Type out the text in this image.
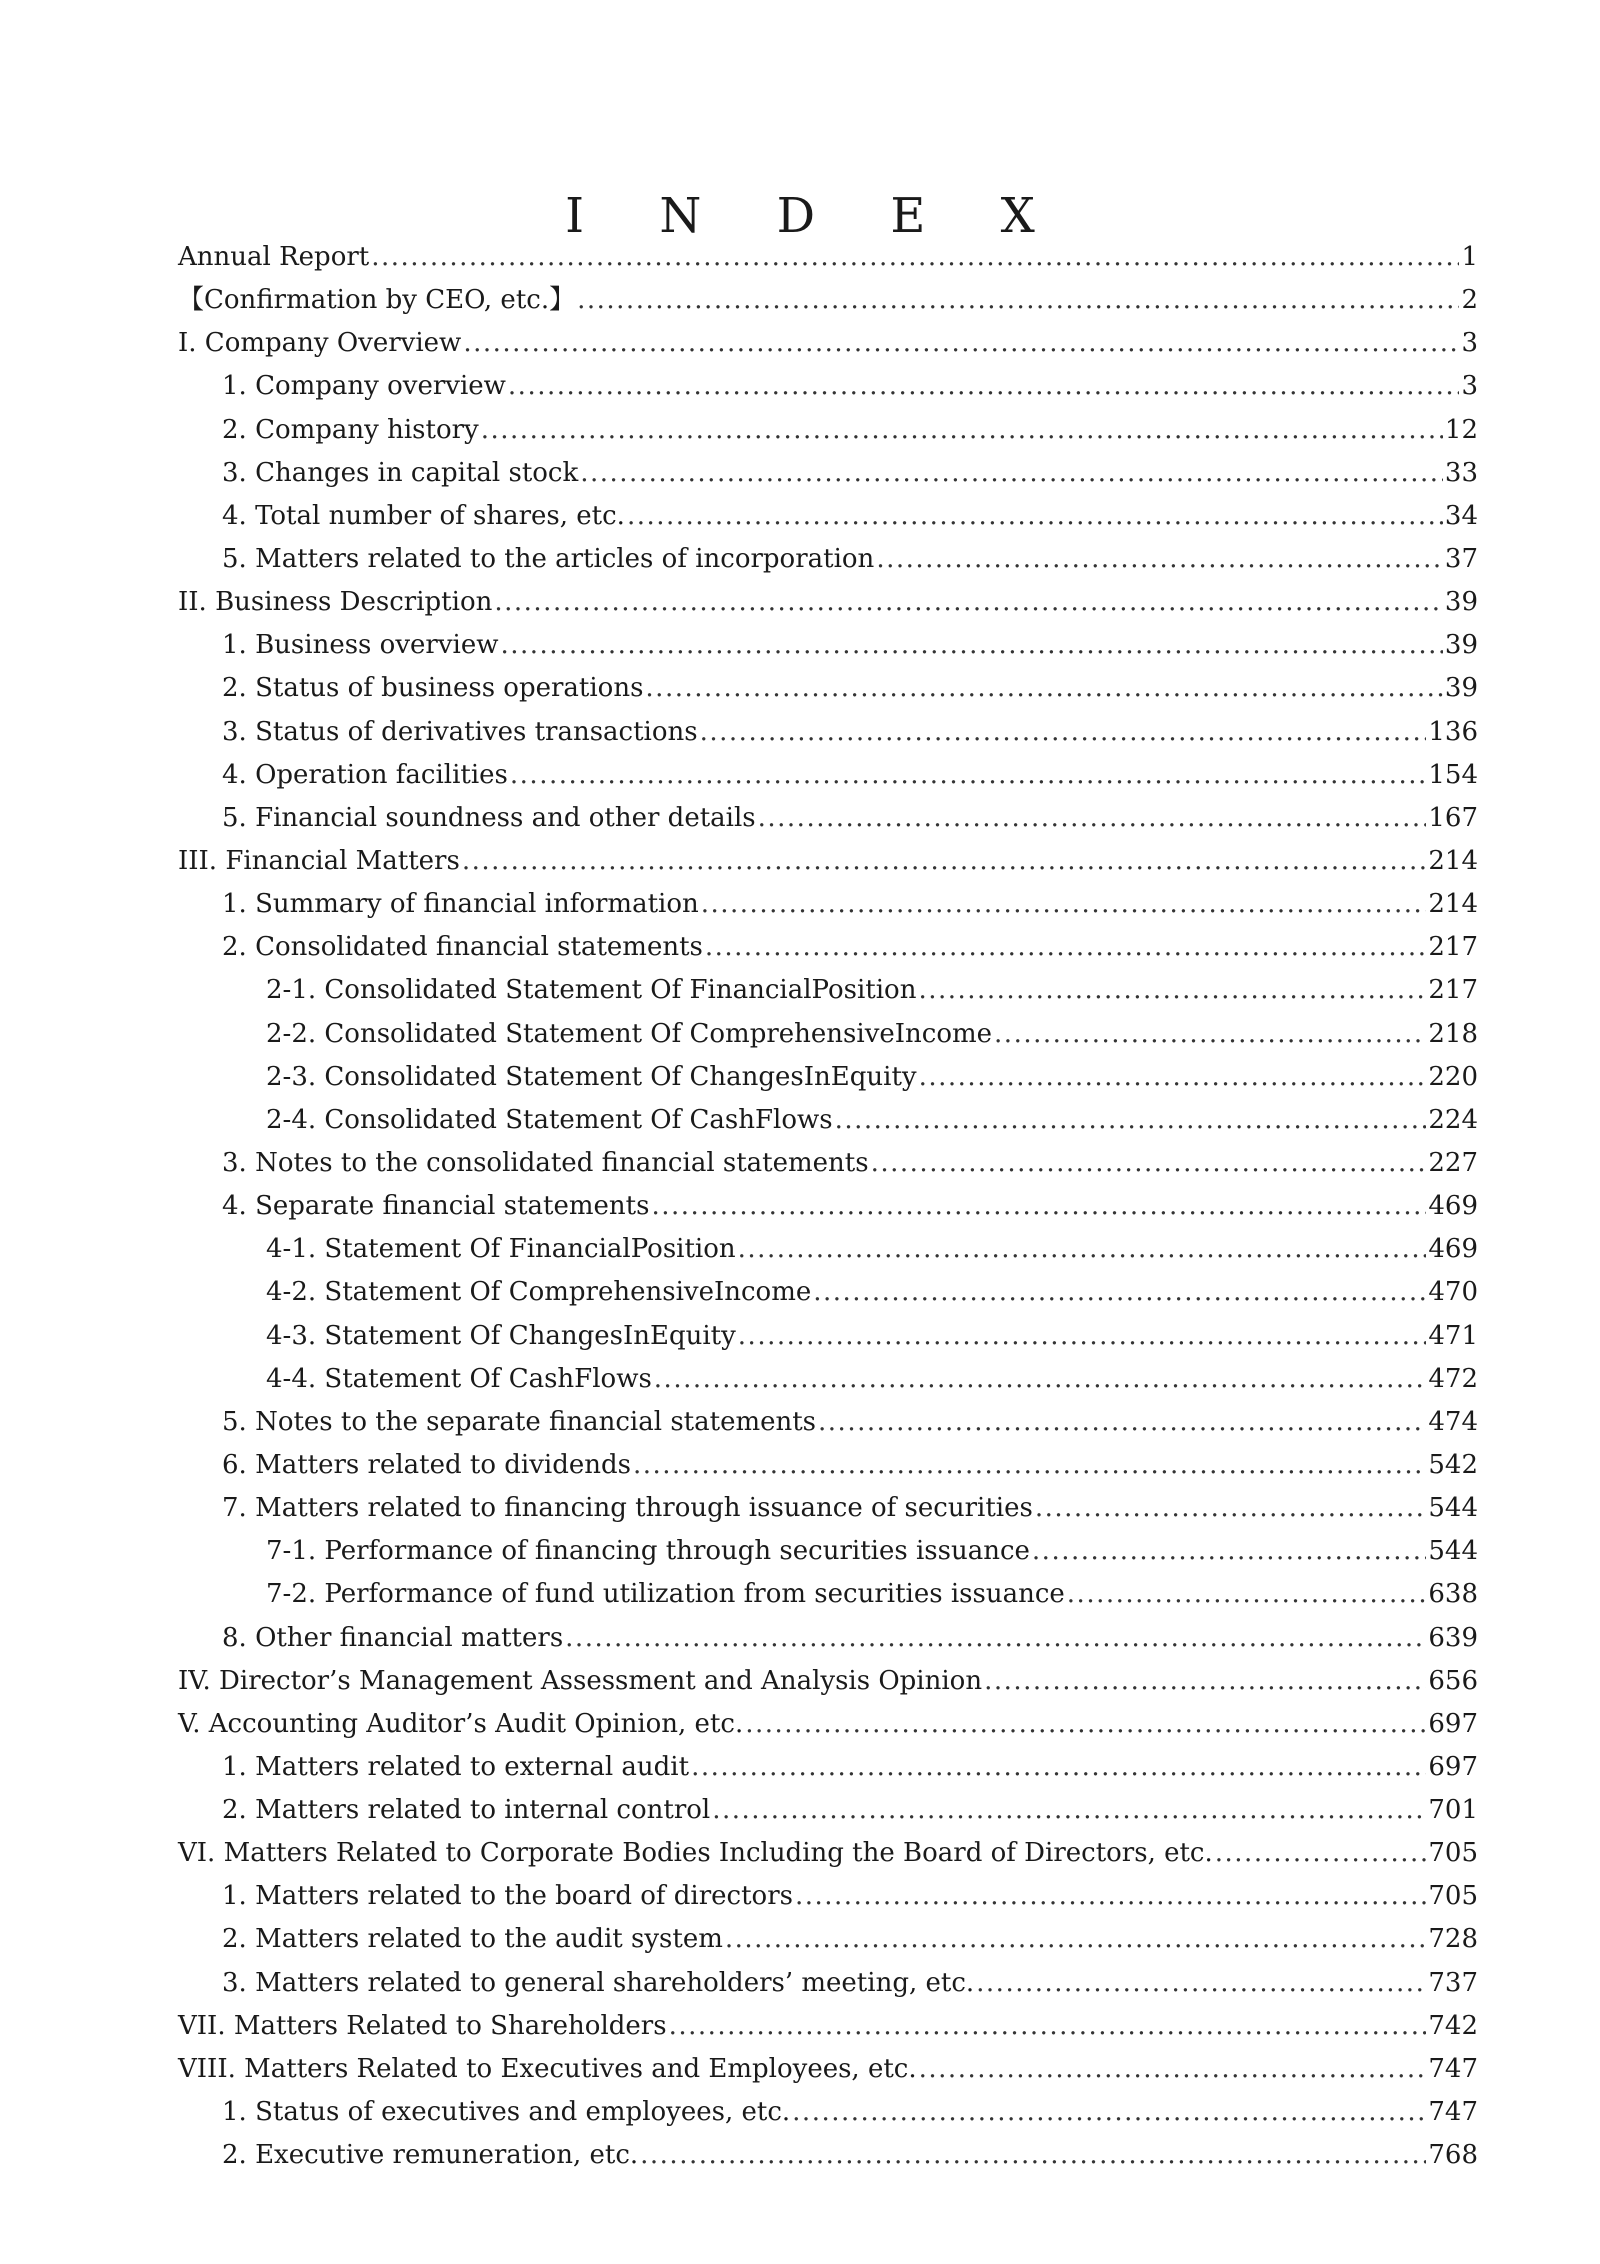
I N D E X
Annual Report .....	1
【Confirmation by CEO, etc.】 .....	2
I. Company Overview .....	3
1. Company overview .....	3
2. Company history .....	12
3. Changes in capital stock .....	33
4. Total number of shares, etc. .....	34
5. Matters related to the articles of incorporation .....	37
II. Business Description .....	39
1. Business overview .....	39
2. Status of business operations .....	39
3. Status of derivatives transactions .....	136
4. Operation facilities .....	154
5. Financial soundness and other details .....	167
III. Financial Matters .....	214
1. Summary of financial information .....	214
2. Consolidated financial statements .....	217
2-1. Consolidated Statement Of FinancialPosition .....	217
2-2. Consolidated Statement Of ComprehensiveIncome .....	218
2-3. Consolidated Statement Of ChangesInEquity .....	220
2-4. Consolidated Statement Of CashFlows .....	224
3. Notes to the consolidated financial statements .....	227
4. Separate financial statements .....	469
4-1. Statement Of FinancialPosition .....	469
4-2. Statement Of ComprehensiveIncome .....	470
4-3. Statement Of ChangesInEquity .....	471
4-4. Statement Of CashFlows .....	472
5. Notes to the separate financial statements .....	474
6. Matters related to dividends .....	542
7. Matters related to financing through issuance of securities .....	544
7-1. Performance of financing through securities issuance .....	544
7-2. Performance of fund utilization from securities issuance .....	638
8. Other financial matters .....	639
IV. Director’s Management Assessment and Analysis Opinion .....	656
V. Accounting Auditor’s Audit Opinion, etc. .....	697
1. Matters related to external audit .....	697
2. Matters related to internal control .....	701
VI. Matters Related to Corporate Bodies Including the Board of Directors, etc. .....	705
1. Matters related to the board of directors .....	705
2. Matters related to the audit system .....	728
3. Matters related to general shareholders’ meeting, etc. .....	737
VII. Matters Related to Shareholders .....	742
VIII. Matters Related to Executives and Employees, etc. .....	747
1. Status of executives and employees, etc. .....	747
2. Executive remuneration, etc. .....	768
